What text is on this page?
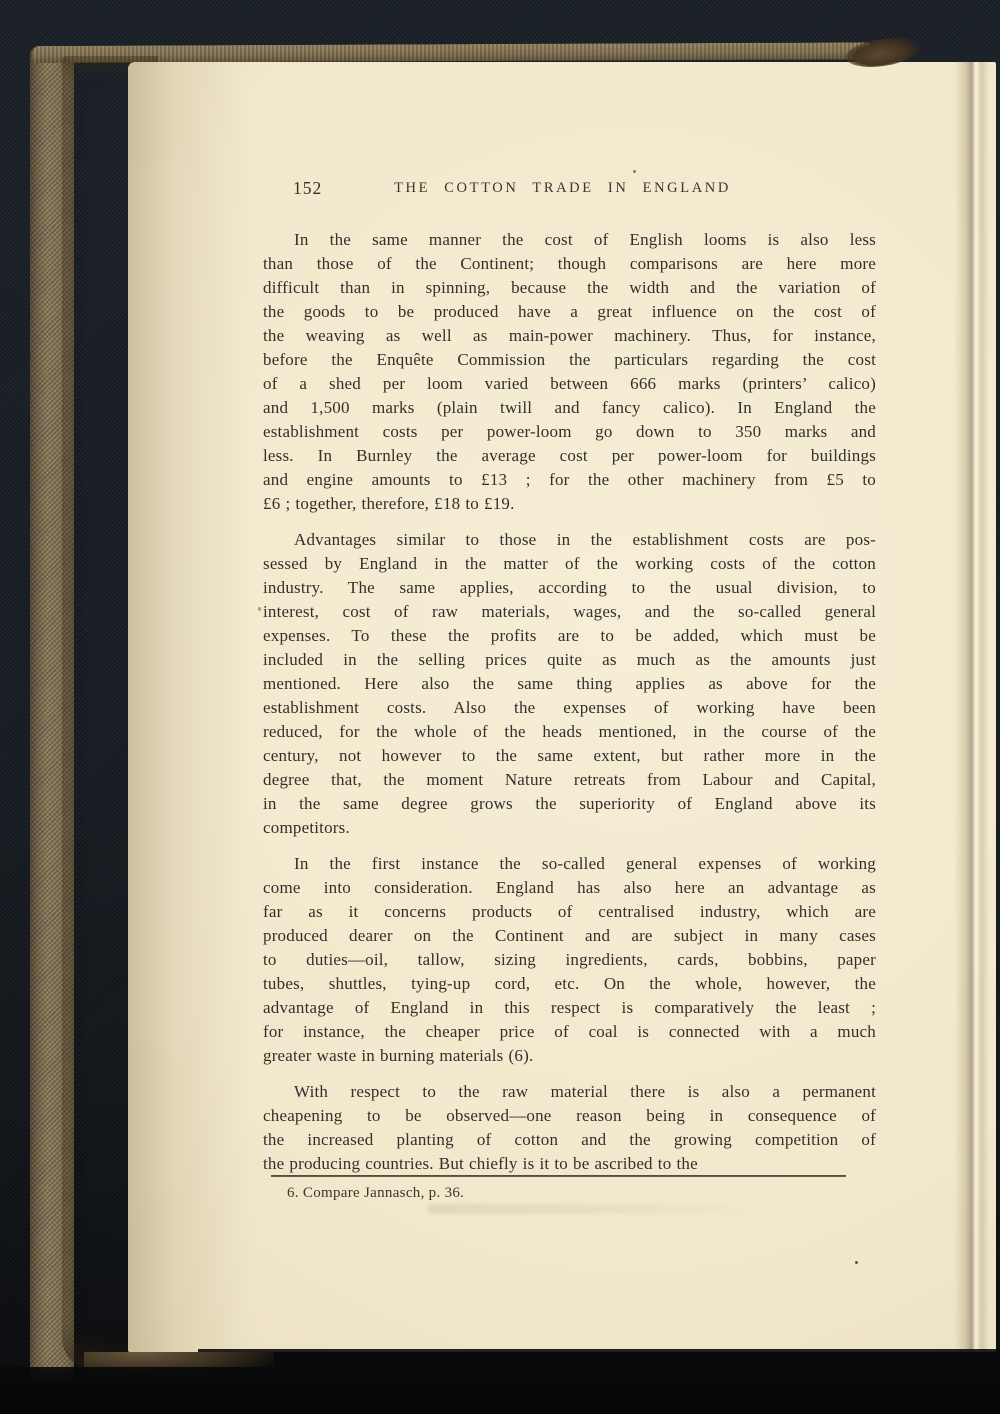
152	THE COTTON TRADE IN ENGLAND
In the same manner the cost of English looms is also less
than those of the Continent; though comparisons are here more
difficult than in spinning, because the width and the variation of
the goods to be produced have a great influence on the cost of
the weaving as well as main-power machinery. Thus, for instance,
before the Enquête Commission the particulars regarding the cost
of a shed per loom varied between 666 marks (printers’ calico)
and 1,500 marks (plain twill and fancy calico). In England the
establishment costs per power-loom go down to 350 marks and
less. In Burnley the average cost per power-loom for buildings
and engine amounts to £13 ; for the other machinery from £5 to
£6 ; together, therefore, £18 to £19.
Advantages similar to those in the establishment costs are pos-
sessed by England in the matter of the working costs of the cotton
industry. The same applies, according to the usual division, to
interest, cost of raw materials, wages, and the so-called general
expenses. To these the profits are to be added, which must be
included in the selling prices quite as much as the amounts just
mentioned. Here also the same thing applies as above for the
establishment costs. Also the expenses of working have been
reduced, for the whole of the heads mentioned, in the course of the
century, not however to the same extent, but rather more in the
degree that, the moment Nature retreats from Labour and Capital,
in the same degree grows the superiority of England above its
competitors.
In the first instance the so-called general expenses of working
come into consideration. England has also here an advantage as
far as it concerns products of centralised industry, which are
produced dearer on the Continent and are subject in many cases
to duties—oil, tallow, sizing ingredients, cards, bobbins, paper
tubes, shuttles, tying-up cord, etc. On the whole, however, the
advantage of England in this respect is comparatively the least ;
for instance, the cheaper price of coal is connected with a much
greater waste in burning materials (6).
With respect to the raw material there is also a permanent
cheapening to be observed—one reason being in consequence of
the increased planting of cotton and the growing competition of
the producing countries. But chiefly is it to be ascribed to the
6. Compare Jannasch, p. 36.
